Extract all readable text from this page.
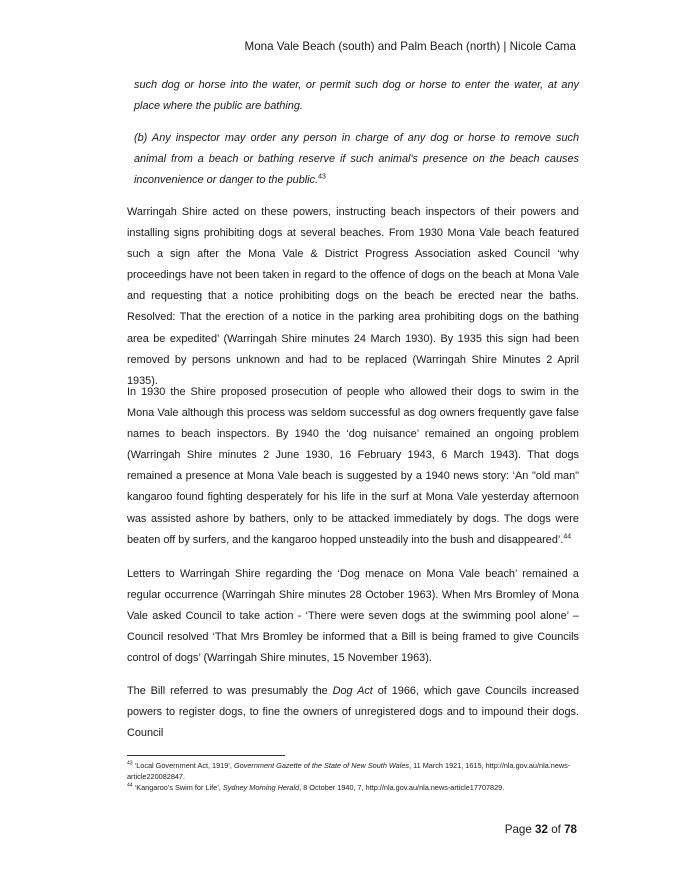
Mona Vale Beach (south) and Palm Beach (north) | Nicole Cama

such dog or horse into the water, or permit such dog or horse to enter the water, at any place where the public are bathing.

(b) Any inspector may order any person in charge of any dog or horse to remove such animal from a beach or bathing reserve if such animal's presence on the beach causes inconvenience or danger to the public.$^{43}$

Warringah Shire acted on these powers, instructing beach inspectors of their powers and installing signs prohibiting dogs at several beaches. From 1930 Mona Vale beach featured such a sign after the Mona Vale & District Progress Association asked Council ‘why proceedings have not been taken in regard to the offence of dogs on the beach at Mona Vale and requesting that a notice prohibiting dogs on the beach be erected near the baths. Resolved: That the erection of a notice in the parking area prohibiting dogs on the bathing area be expedited’ (Warringah Shire minutes 24 March 1930). By 1935 this sign had been removed by persons unknown and had to be replaced (Warringah Shire Minutes 2 April 1935).

In 1930 the Shire proposed prosecution of people who allowed their dogs to swim in the Mona Vale although this process was seldom successful as dog owners frequently gave false names to beach inspectors. By 1940 the ‘dog nuisance’ remained an ongoing problem (Warringah Shire minutes 2 June 1930, 16 February 1943, 6 March 1943). That dogs remained a presence at Mona Vale beach is suggested by a 1940 news story: ‘An "old man" kangaroo found fighting desperately for his life in the surf at Mona Vale yesterday afternoon was assisted ashore by bathers, only to be attacked immediately by dogs. The dogs were beaten off by surfers, and the kangaroo hopped unsteadily into the bush and disappeared’.$^{44}$

Letters to Warringah Shire regarding the ‘Dog menace on Mona Vale beach’ remained a regular occurrence (Warringah Shire minutes 28 October 1963). When Mrs Bromley of Mona Vale asked Council to take action - ‘There were seven dogs at the swimming pool alone’ – Council resolved ‘That Mrs Bromley be informed that a Bill is being framed to give Councils control of dogs’ (Warringah Shire minutes, 15 November 1963).

The Bill referred to was presumably the Dog Act of 1966, which gave Councils increased powers to register dogs, to fine the owners of unregistered dogs and to impound their dogs. Council

$^{43}$ ‘Local Government Act, 1919’, Government Gazette of the State of New South Wales, 11 March 1921, 1615, http://nla.gov.au/nla.news-article220082847.
$^{44}$ ‘Kangaroo’s Swim for Life’, Sydney Morning Herald, 8 October 1940, 7, http://nla.gov.au/nla.news-article17707829.
Page 32 of 78
